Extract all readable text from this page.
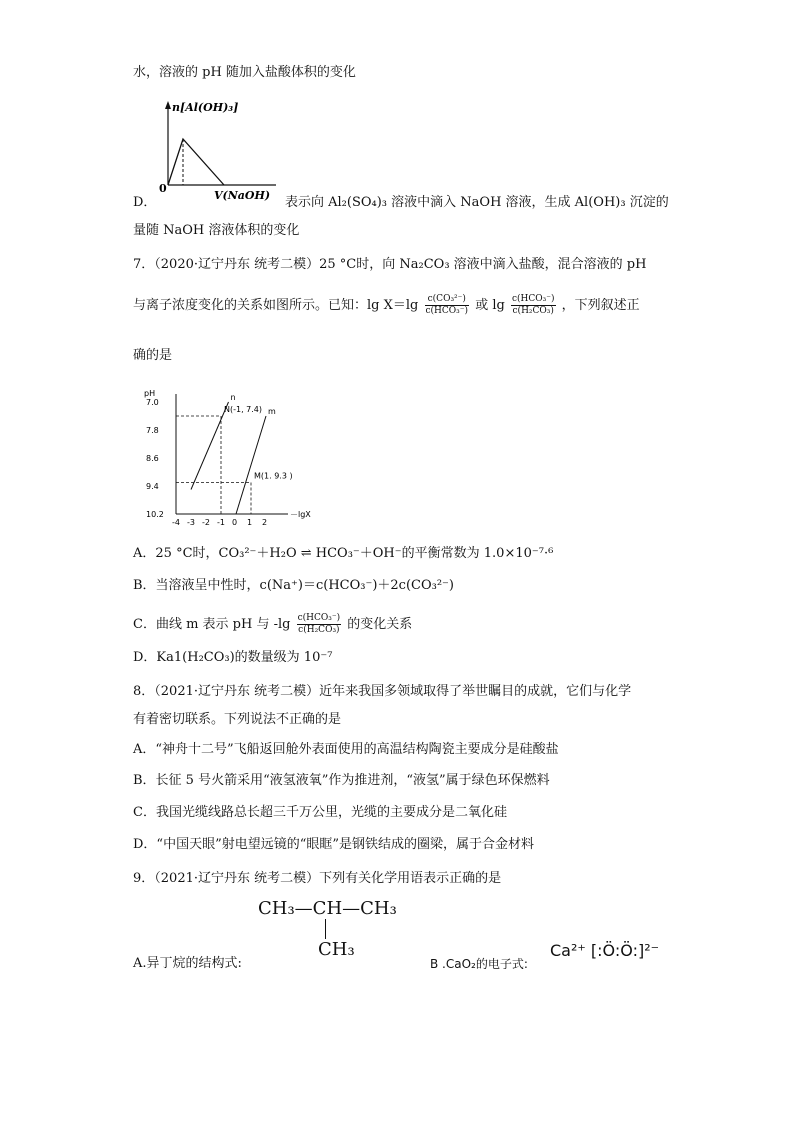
水，溶液的 pH 随加入盐酸体积的变化
n[Al(OH)₃]
0
V(NaOH)
D．	表示向 Al₂(SO₄)₃ 溶液中滴入 NaOH 溶液，生成 Al(OH)₃ 沉淀的
量随 NaOH 溶液体积的变化
7．（2020·辽宁丹东 统考二模）25 °C时，向 Na₂CO₃ 溶液中滴入盐酸，混合溶液的 pH
与离子浓度变化的关系如图所示。已知：$\lg X=\lg \frac{\text{c(CO₃²⁻)}}{\text{c(HCO₃⁻)}}$ 或 $\lg \frac{\text{c(HCO₃⁻)}}{\text{c(H₂CO₃)}}$ ，下列叙述正
确的是
pH
－lgX
7.0
7.8
8.6
9.4
10.2
-4 -3 -2 -1 0 1 2
n
m
N(-1, 7.4)
M(1. 9.3 )
A．25 °C时，CO₃²⁻＋H₂O ⇌ HCO₃⁻＋OH⁻的平衡常数为 1.0×10⁻⁷·⁶
B．当溶液呈中性时，c(Na⁺)＝c(HCO₃⁻)＋2c(CO₃²⁻)
C．曲线 m 表示 pH 与 $-\lg \frac{\text{c(HCO₃⁻)}}{\text{c(H₂CO₃)}}$ 的变化关系
D．Ka1(H₂CO₃)的数量级为 10⁻⁷
8．（2021·辽宁丹东 统考二模）近年来我国多领域取得了举世瞩目的成就，它们与化学
有着密切联系。下列说法不正确的是
A．“神舟十二号”飞船返回舱外表面使用的高温结构陶瓷主要成分是硅酸盐
B．长征 5 号火箭采用“液氢液氧”作为推进剂，“液氢”属于绿色环保燃料
C．我国光缆线路总长超三千万公里，光缆的主要成分是二氧化硅
D．“中国天眼”射电望远镜的“眼眶”是钢铁结成的圈梁，属于合金材料
9．（2021·辽宁丹东 统考二模）下列有关化学用语表示正确的是
CH₃—CH—CH₃
CH₃
A.异丁烷的结构式:	B .CaO₂的电子式:
Ca²⁺ [:Ö:Ö:]²⁻
